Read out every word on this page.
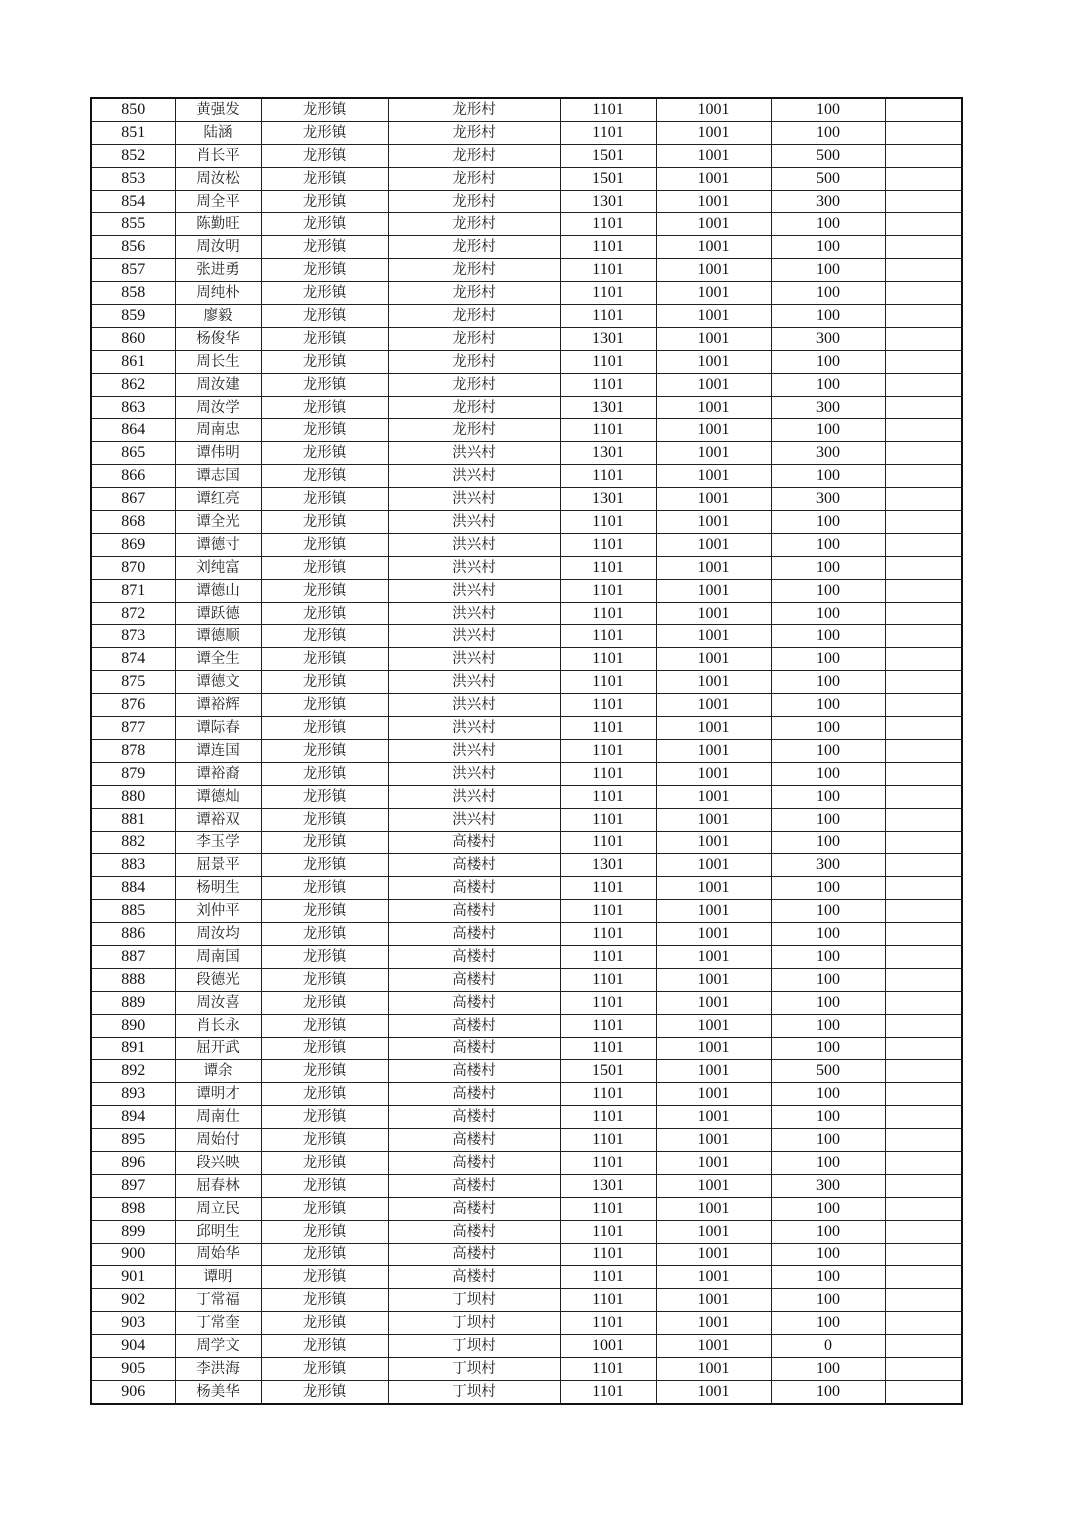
850	黄强发	龙形镇	龙形村	1101	1001	100	
851	陆涵	龙形镇	龙形村	1101	1001	100	
852	肖长平	龙形镇	龙形村	1501	1001	500	
853	周汝松	龙形镇	龙形村	1501	1001	500	
854	周全平	龙形镇	龙形村	1301	1001	300	
855	陈勤旺	龙形镇	龙形村	1101	1001	100	
856	周汝明	龙形镇	龙形村	1101	1001	100	
857	张进勇	龙形镇	龙形村	1101	1001	100	
858	周纯朴	龙形镇	龙形村	1101	1001	100	
859	廖毅	龙形镇	龙形村	1101	1001	100	
860	杨俊华	龙形镇	龙形村	1301	1001	300	
861	周长生	龙形镇	龙形村	1101	1001	100	
862	周汝建	龙形镇	龙形村	1101	1001	100	
863	周汝学	龙形镇	龙形村	1301	1001	300	
864	周南忠	龙形镇	龙形村	1101	1001	100	
865	谭伟明	龙形镇	洪兴村	1301	1001	300	
866	谭志国	龙形镇	洪兴村	1101	1001	100	
867	谭红亮	龙形镇	洪兴村	1301	1001	300	
868	谭全光	龙形镇	洪兴村	1101	1001	100	
869	谭德寸	龙形镇	洪兴村	1101	1001	100	
870	刘纯富	龙形镇	洪兴村	1101	1001	100	
871	谭德山	龙形镇	洪兴村	1101	1001	100	
872	谭跃德	龙形镇	洪兴村	1101	1001	100	
873	谭德顺	龙形镇	洪兴村	1101	1001	100	
874	谭全生	龙形镇	洪兴村	1101	1001	100	
875	谭德文	龙形镇	洪兴村	1101	1001	100	
876	谭裕辉	龙形镇	洪兴村	1101	1001	100	
877	谭际春	龙形镇	洪兴村	1101	1001	100	
878	谭连国	龙形镇	洪兴村	1101	1001	100	
879	谭裕裔	龙形镇	洪兴村	1101	1001	100	
880	谭德灿	龙形镇	洪兴村	1101	1001	100	
881	谭裕双	龙形镇	洪兴村	1101	1001	100	
882	李玉学	龙形镇	高楼村	1101	1001	100	
883	屈景平	龙形镇	高楼村	1301	1001	300	
884	杨明生	龙形镇	高楼村	1101	1001	100	
885	刘仲平	龙形镇	高楼村	1101	1001	100	
886	周汝均	龙形镇	高楼村	1101	1001	100	
887	周南国	龙形镇	高楼村	1101	1001	100	
888	段德光	龙形镇	高楼村	1101	1001	100	
889	周汝喜	龙形镇	高楼村	1101	1001	100	
890	肖长永	龙形镇	高楼村	1101	1001	100	
891	屈开武	龙形镇	高楼村	1101	1001	100	
892	谭余	龙形镇	高楼村	1501	1001	500	
893	谭明才	龙形镇	高楼村	1101	1001	100	
894	周南仕	龙形镇	高楼村	1101	1001	100	
895	周始付	龙形镇	高楼村	1101	1001	100	
896	段兴映	龙形镇	高楼村	1101	1001	100	
897	屈春林	龙形镇	高楼村	1301	1001	300	
898	周立民	龙形镇	高楼村	1101	1001	100	
899	邱明生	龙形镇	高楼村	1101	1001	100	
900	周始华	龙形镇	高楼村	1101	1001	100	
901	谭明	龙形镇	高楼村	1101	1001	100	
902	丁常福	龙形镇	丁坝村	1101	1001	100	
903	丁常奎	龙形镇	丁坝村	1101	1001	100	
904	周学文	龙形镇	丁坝村	1001	1001	0	
905	李洪海	龙形镇	丁坝村	1101	1001	100	
906	杨美华	龙形镇	丁坝村	1101	1001	100	
